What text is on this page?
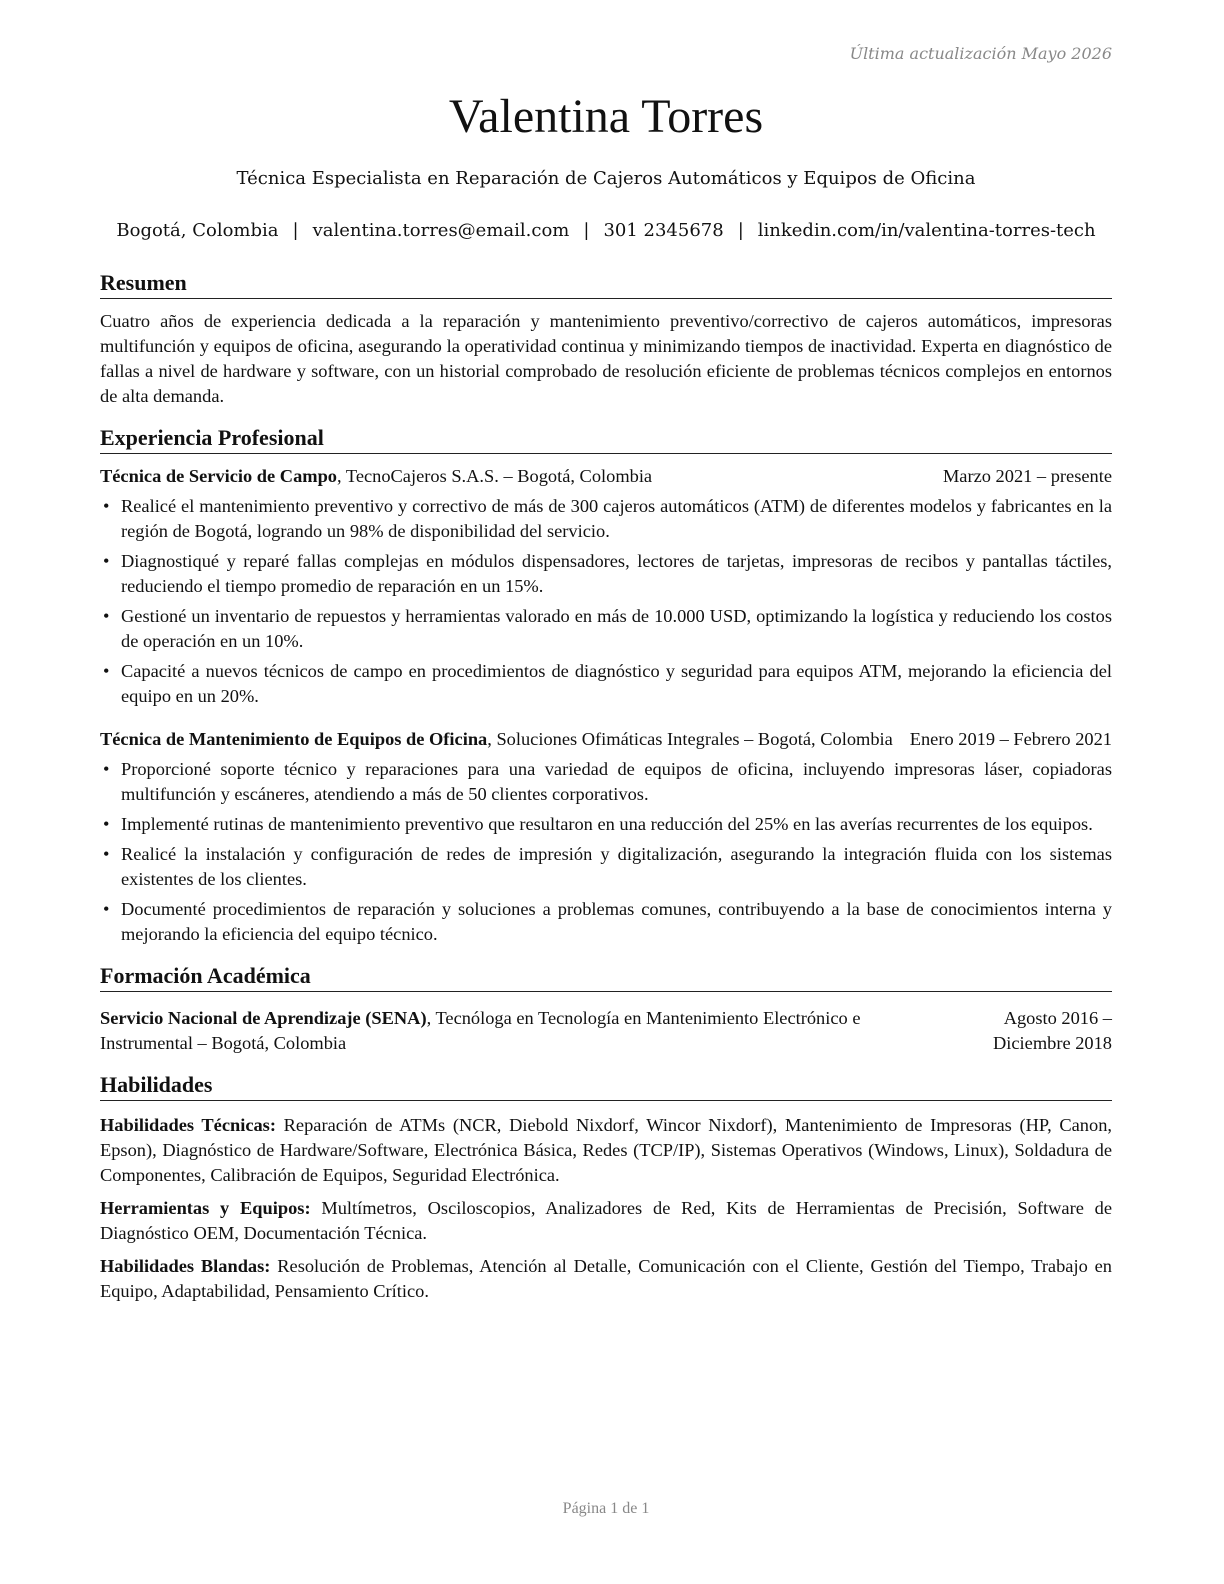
Última actualización Mayo 2026
Valentina Torres
Técnica Especialista en Reparación de Cajeros Automáticos y Equipos de Oficina
Bogotá, Colombia | valentina.torres@email.com | 301 2345678 | linkedin.com/in/valentina-torres-tech
Resumen

Cuatro años de experiencia dedicada a la reparación y mantenimiento preventivo/correctivo de cajeros automáticos, impresoras multifunción y equipos de oficina, asegurando la operatividad continua y minimizando tiempos de inactividad. Experta en diagnóstico de fallas a nivel de hardware y software, con un historial comprobado de resolución eficiente de problemas técnicos complejos en entornos de alta demanda.

Experiencia Profesional
Técnica de Servicio de Campo, TecnoCajeros S.A.S. – Bogotá, Colombia	Marzo 2021 – presente
• Realicé el mantenimiento preventivo y correctivo de más de 300 cajeros automáticos (ATM) de diferentes modelos y fabricantes en la región de Bogotá, logrando un 98% de disponibilidad del servicio.
• Diagnostiqué y reparé fallas complejas en módulos dispensadores, lectores de tarjetas, impresoras de recibos y pantallas táctiles, reduciendo el tiempo promedio de reparación en un 15%.
• Gestioné un inventario de repuestos y herramientas valorado en más de 10.000 USD, optimizando la logística y reduciendo los costos de operación en un 10%.
• Capacité a nuevos técnicos de campo en procedimientos de diagnóstico y seguridad para equipos ATM, mejorando la eficiencia del equipo en un 20%.
Técnica de Mantenimiento de Equipos de Oficina, Soluciones Ofimáticas Integrales – Bogotá, Colombia Enero 2019 – Febrero 2021
• Proporcioné soporte técnico y reparaciones para una variedad de equipos de oficina, incluyendo impresoras láser, copiadoras multifunción y escáneres, atendiendo a más de 50 clientes corporativos.
• Implementé rutinas de mantenimiento preventivo que resultaron en una reducción del 25% en las averías recurrentes de los equipos.
• Realicé la instalación y configuración de redes de impresión y digitalización, asegurando la integración fluida con los sistemas existentes de los clientes.
• Documenté procedimientos de reparación y soluciones a problemas comunes, contribuyendo a la base de conocimientos interna y mejorando la eficiencia del equipo técnico.
Formación Académica
Servicio Nacional de Aprendizaje (SENA), Tecnóloga en Tecnología en Mantenimiento Electrónico e Instrumental – Bogotá, Colombia
Agosto 2016 – Diciembre 2018
Habilidades

Habilidades Técnicas: Reparación de ATMs (NCR, Diebold Nixdorf, Wincor Nixdorf), Mantenimiento de Impresoras (HP, Canon, Epson), Diagnóstico de Hardware/Software, Electrónica Básica, Redes (TCP/IP), Sistemas Operativos (Windows, Linux), Soldadura de Componentes, Calibración de Equipos, Seguridad Electrónica.

Herramientas y Equipos: Multímetros, Osciloscopios, Analizadores de Red, Kits de Herramientas de Precisión, Software de Diagnóstico OEM, Documentación Técnica.

Habilidades Blandas: Resolución de Problemas, Atención al Detalle, Comunicación con el Cliente, Gestión del Tiempo, Trabajo en Equipo, Adaptabilidad, Pensamiento Crítico.

Página 1 de 1
